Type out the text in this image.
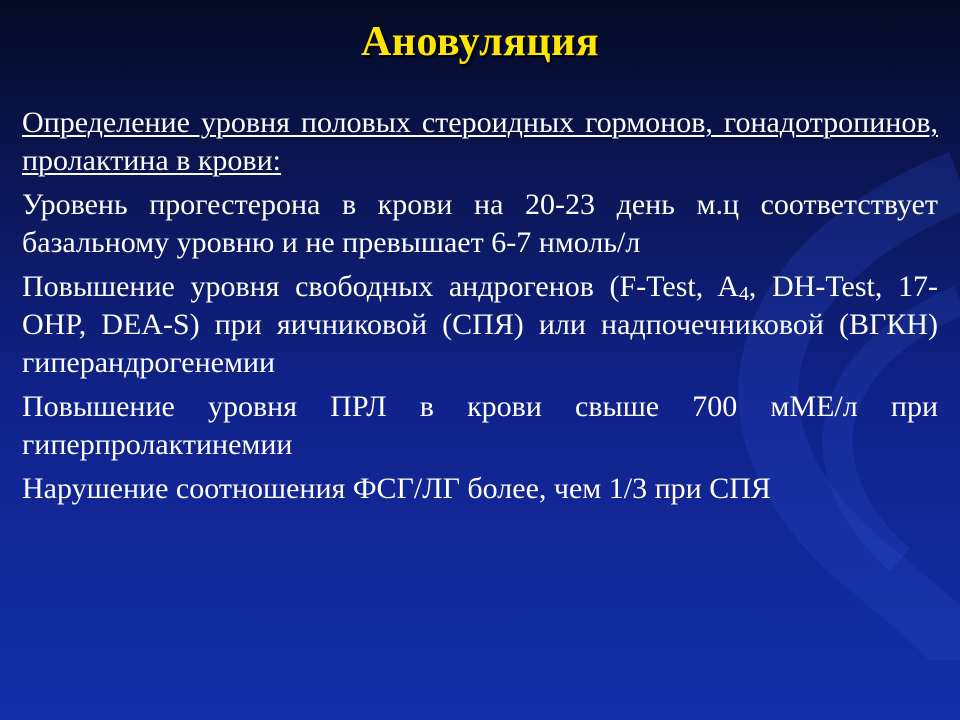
Ановуляция

Определение уровня половых стероидных гормонов, гонадотропинов, пролактина в крови:

Уровень прогестерона в крови на 20-23 день м.ц соответствует базальному уровню и не превышает 6-7 нмоль/л

Повышение уровня свободных андрогенов (F-Test, $A_4$, DH-Test, 17-OHP, DEA-S) при яичниковой (СПЯ) или надпочечниковой (ВГКН) гиперандрогенемии

Повышение уровня ПРЛ в крови свыше 700 мМЕ/л при гиперпролактинемии

Нарушение соотношения ФСГ/ЛГ более, чем 1/3 при СПЯ
